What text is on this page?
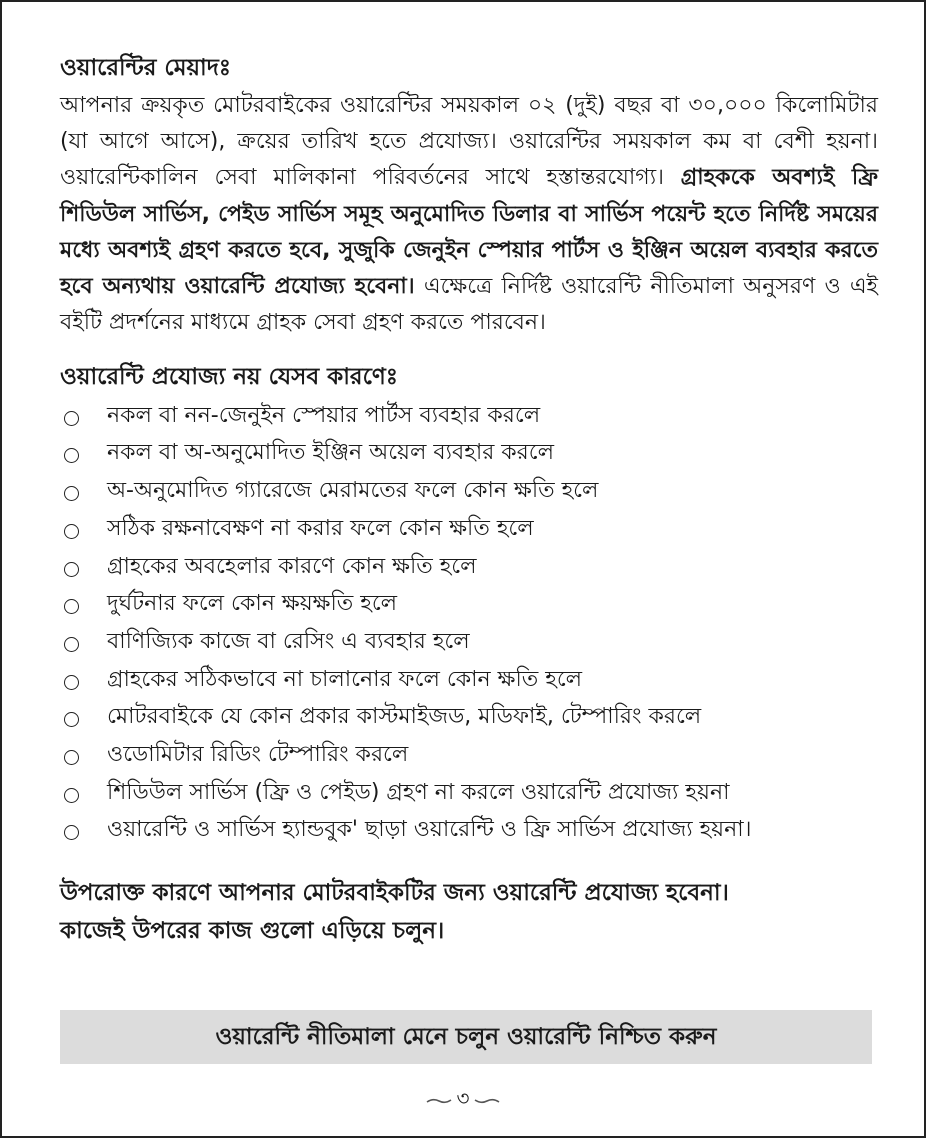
ওয়ারেন্টির মেয়াদঃ

আপনার ক্রয়কৃত মোটরবাইকের ওয়ারেন্টির সময়কাল ০২ (দুই) বছর বা ৩০,০০০ কিলোমিটার (যা আগে আসে), ক্রয়ের তারিখ হতে প্রযোজ্য। ওয়ারেন্টির সময়কাল কম বা বেশী হয়না। ওয়ারেন্টিকালিন সেবা মালিকানা পরিবর্তনের সাথে হস্তান্তরযোগ্য। গ্রাহককে অবশ্যই ফ্রি শিডিউল সার্ভিস, পেইড সার্ভিস সমূহ অনুমোদিত ডিলার বা সার্ভিস পয়েন্ট হতে নির্দিষ্ট সময়ের মধ্যে অবশ্যই গ্রহণ করতে হবে, সুজুকি জেনুইন স্পেয়ার পার্টস ও ইঞ্জিন অয়েল ব্যবহার করতে হবে অন্যথায় ওয়ারেন্টি প্রযোজ্য হবেনা। এক্ষেত্রে নির্দিষ্ট ওয়ারেন্টি নীতিমালা অনুসরণ ও এই বইটি প্রদর্শনের মাধ্যমে গ্রাহক সেবা গ্রহণ করতে পারবেন।

ওয়ারেন্টি প্রযোজ্য নয় যেসব কারণেঃ
নকল বা নন-জেনুইন স্পেয়ার পার্টস ব্যবহার করলে
নকল বা অ-অনুমোদিত ইঞ্জিন অয়েল ব্যবহার করলে
অ-অনুমোদিত গ্যারেজে মেরামতের ফলে কোন ক্ষতি হলে
সঠিক রক্ষনাবেক্ষণ না করার ফলে কোন ক্ষতি হলে
গ্রাহকের অবহেলার কারণে কোন ক্ষতি হলে
দুর্ঘটনার ফলে কোন ক্ষয়ক্ষতি হলে
বাণিজ্যিক কাজে বা রেসিং এ ব্যবহার হলে
গ্রাহকের সঠিকভাবে না চালানোর ফলে কোন ক্ষতি হলে
মোটরবাইকে যে কোন প্রকার কাস্টমাইজড, মডিফাই, টেম্পারিং করলে
ওডোমিটার রিডিং টেম্পারিং করলে
শিডিউল সার্ভিস (ফ্রি ও পেইড) গ্রহণ না করলে ওয়ারেন্টি প্রযোজ্য হয়না
ওয়ারেন্টি ও সার্ভিস হ্যান্ডবুক' ছাড়া ওয়ারেন্টি ও ফ্রি সার্ভিস প্রযোজ্য হয়না।
উপরোক্ত কারণে আপনার মোটরবাইকটির জন্য ওয়ারেন্টি প্রযোজ্য হবেনা।
কাজেই উপরের কাজ গুলো এড়িয়ে চলুন।
ওয়ারেন্টি নীতিমালা মেনে চলুন ওয়ারেন্টি নিশ্চিত করুন
৩
